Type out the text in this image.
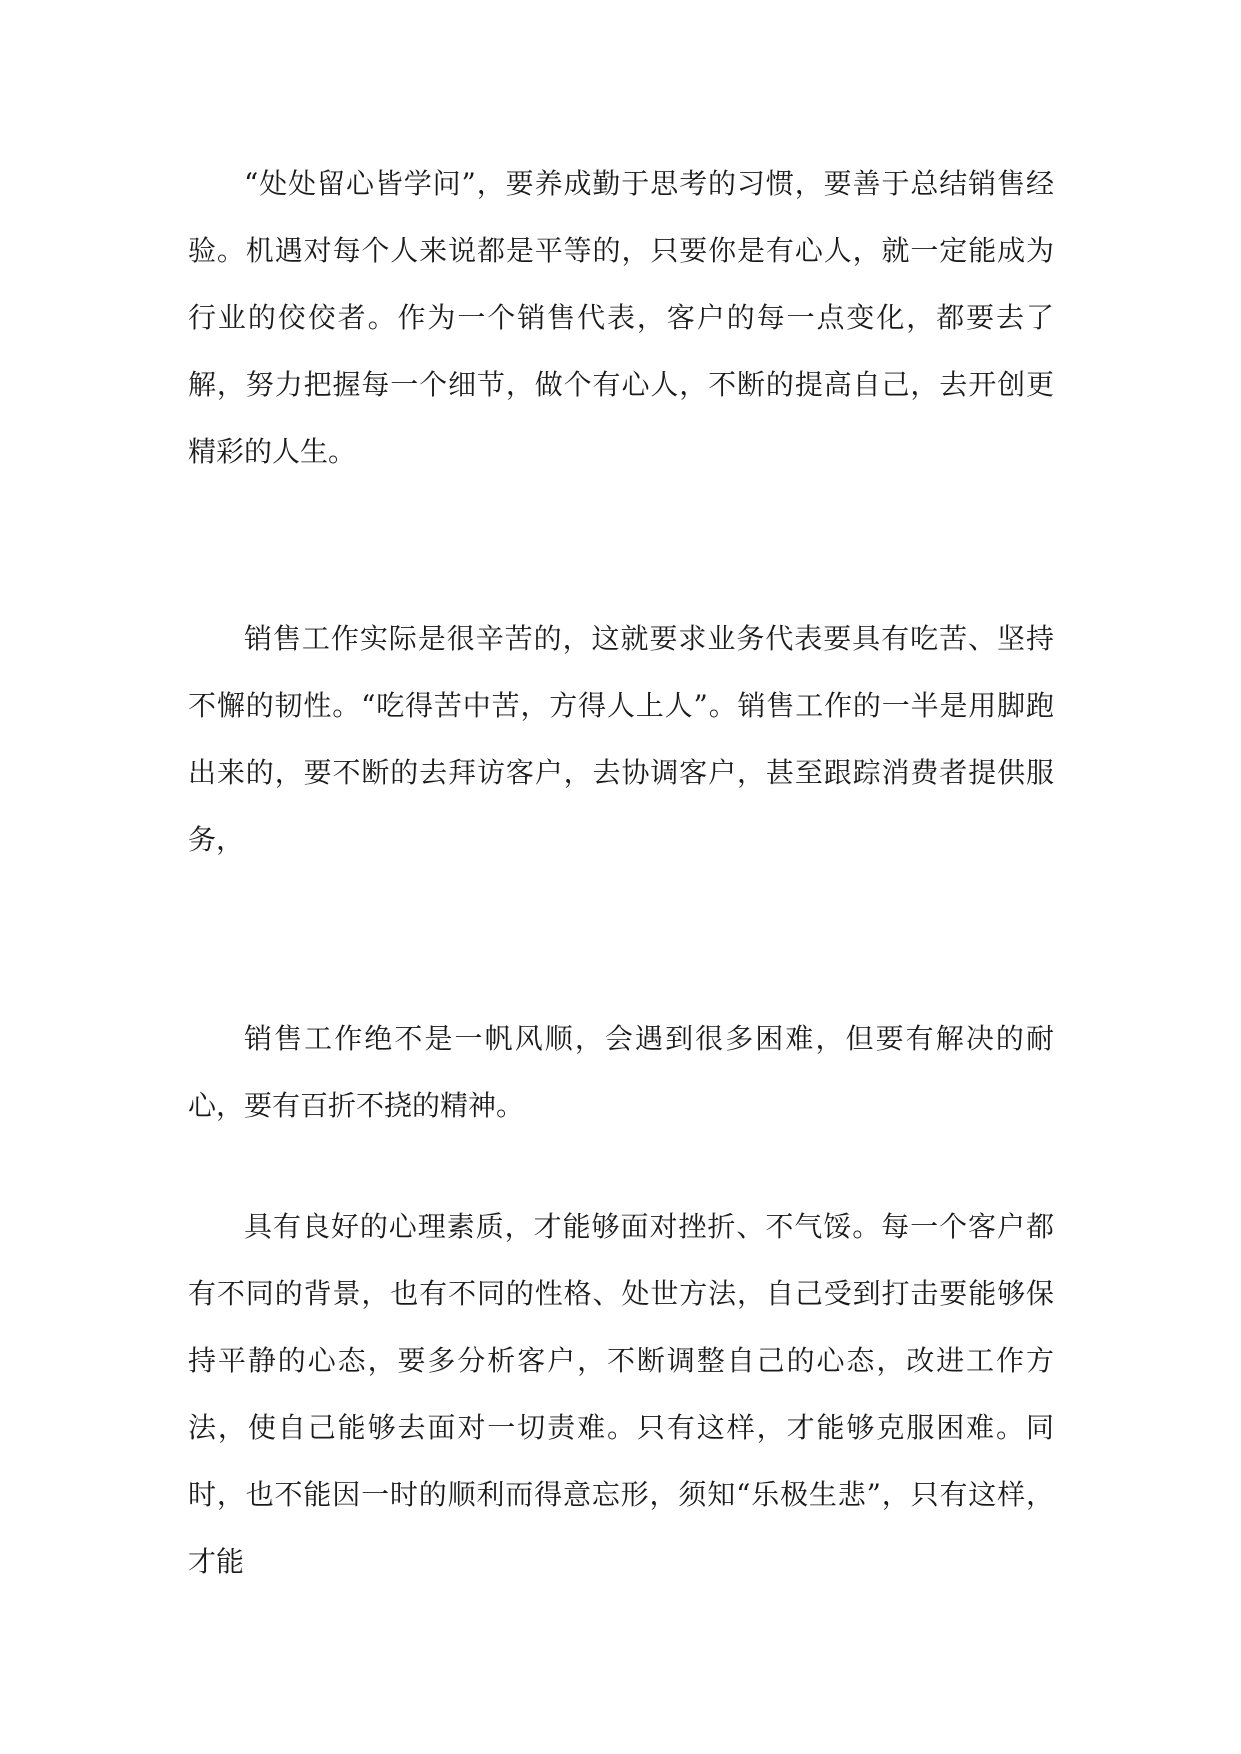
“处处留心皆学问”，要养成勤于思考的习惯，要善于总结销售经验。机遇对每个人来说都是平等的，只要你是有心人，就一定能成为行业的佼佼者。作为一个销售代表，客户的每一点变化，都要去了解，努力把握每一个细节，做个有心人，不断的提高自己，去开创更精彩的人生。

销售工作实际是很辛苦的，这就要求业务代表要具有吃苦、坚持不懈的韧性。“吃得苦中苦，方得人上人”。销售工作的一半是用脚跑出来的，要不断的去拜访客户，去协调客户，甚至跟踪消费者提供服务，

销售工作绝不是一帆风顺，会遇到很多困难，但要有解决的耐心，要有百折不挠的精神。

具有良好的心理素质，才能够面对挫折、不气馁。每一个客户都有不同的背景，也有不同的性格、处世方法，自己受到打击要能够保持平静的心态，要多分析客户，不断调整自己的心态，改进工作方法，使自己能够去面对一切责难。只有这样，才能够克服困难。同时，也不能因一时的顺利而得意忘形，须知“乐极生悲”，只有这样，才能
